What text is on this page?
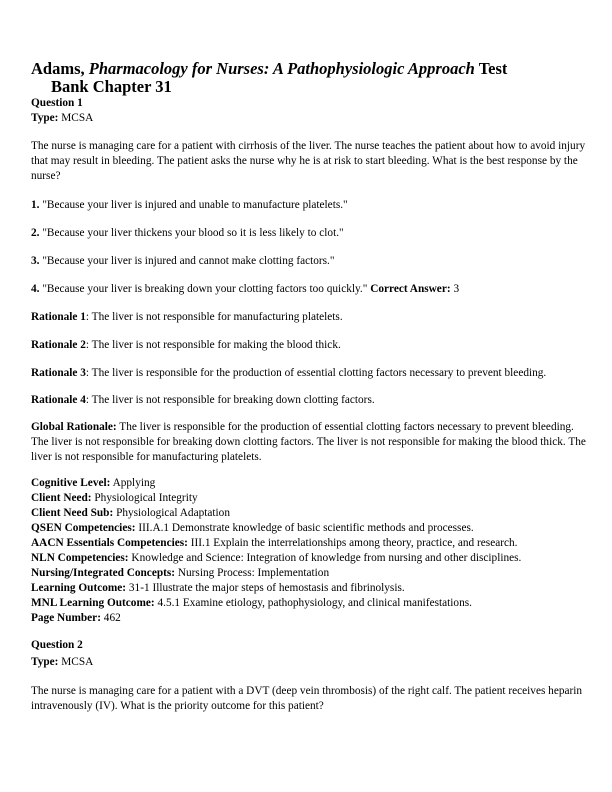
Adams, Pharmacology for Nurses: A Pathophysiologic Approach Test
Bank Chapter 31
Question 1
Type: MCSA
The nurse is managing care for a patient with cirrhosis of the liver. The nurse teaches the patient about how to avoid injury that may result in bleeding. The patient asks the nurse why he is at risk to start bleeding. What is the best response by the nurse?
1. "Because your liver is injured and unable to manufacture platelets."
2. "Because your liver thickens your blood so it is less likely to clot."
3. "Because your liver is injured and cannot make clotting factors."
4. "Because your liver is breaking down your clotting factors too quickly." Correct Answer: 3
Rationale 1: The liver is not responsible for manufacturing platelets.
Rationale 2: The liver is not responsible for making the blood thick.
Rationale 3: The liver is responsible for the production of essential clotting factors necessary to prevent bleeding.
Rationale 4: The liver is not responsible for breaking down clotting factors.
Global Rationale: The liver is responsible for the production of essential clotting factors necessary to prevent bleeding. The liver is not responsible for breaking down clotting factors. The liver is not responsible for making the blood thick. The liver is not responsible for manufacturing platelets.
Cognitive Level: Applying
Client Need: Physiological Integrity
Client Need Sub: Physiological Adaptation
QSEN Competencies: III.A.1 Demonstrate knowledge of basic scientific methods and processes.
AACN Essentials Competencies: III.1 Explain the interrelationships among theory, practice, and research.
NLN Competencies: Knowledge and Science: Integration of knowledge from nursing and other disciplines.
Nursing/Integrated Concepts: Nursing Process: Implementation
Learning Outcome: 31-1 Illustrate the major steps of hemostasis and fibrinolysis.
MNL Learning Outcome: 4.5.1 Examine etiology, pathophysiology, and clinical manifestations.
Page Number: 462
Question 2
Type: MCSA
The nurse is managing care for a patient with a DVT (deep vein thrombosis) of the right calf. The patient receives heparin intravenously (IV). What is the priority outcome for this patient?
